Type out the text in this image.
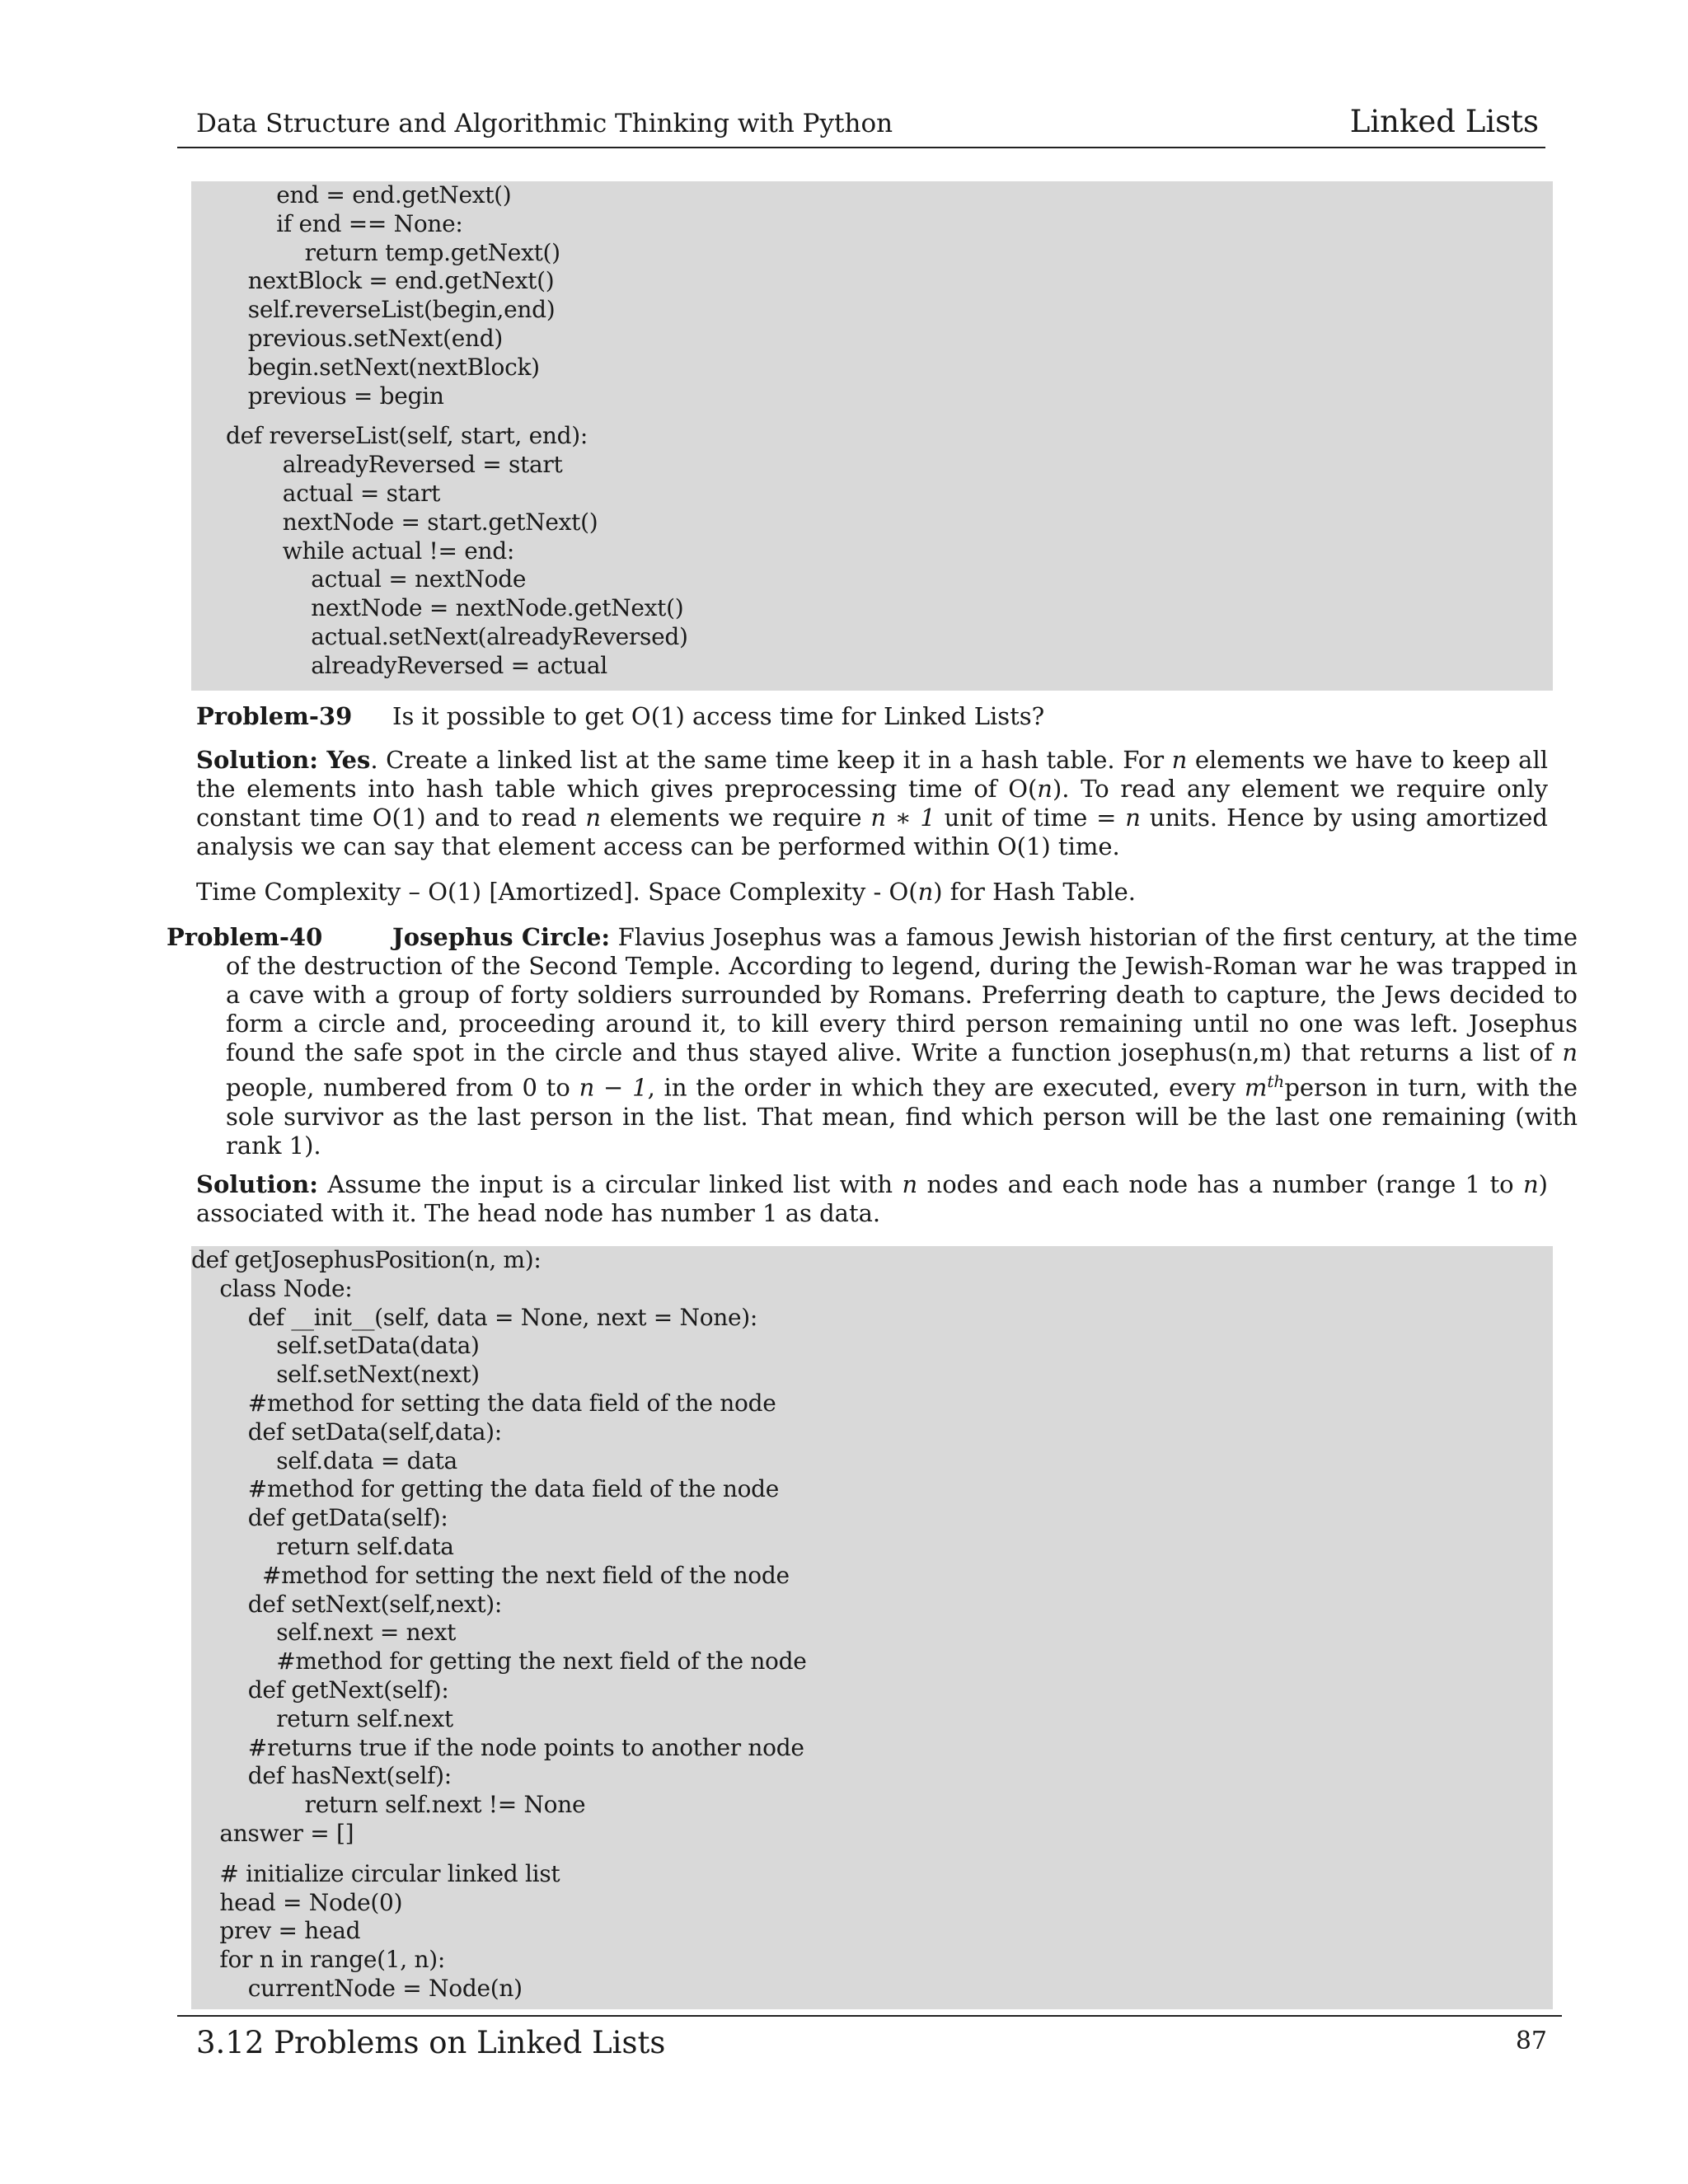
Data Structure and Algorithmic Thinking with Python	Linked Lists
end = end.getNext()
if end == None:
return temp.getNext()
nextBlock = end.getNext()
self.reverseList(begin,end)
previous.setNext(end)
begin.setNext(nextBlock)
previous = begin
def reverseList(self, start, end):
alreadyReversed = start
actual = start
nextNode = start.getNext()
while actual != end:
actual = nextNode
nextNode = nextNode.getNext()
actual.setNext(alreadyReversed)
alreadyReversed = actual
Problem-39 Is it possible to get O(1) access time for Linked Lists?
Solution: Yes. Create a linked list at the same time keep it in a hash table. For n elements we have to keep all the elements into hash table which gives preprocessing time of O(n). To read any element we require only constant time O(1) and to read n elements we require n ∗ 1 unit of time = n units. Hence by using amortized analysis we can say that element access can be performed within O(1) time.
Time Complexity – O(1) [Amortized]. Space Complexity - O(n) for Hash Table.
Problem-40	Josephus Circle: Flavius Josephus was a famous Jewish historian of the first century, at the time of the destruction of the Second Temple. According to legend, during the Jewish-Roman war he was trapped in a cave with a group of forty soldiers surrounded by Romans. Preferring death to capture, the Jews decided to form a circle and, proceeding around it, to kill every third person remaining until no one was left. Josephus found the safe spot in the circle and thus stayed alive. Write a function josephus(n,m) that returns a list of n people, numbered from 0 to n − 1, in the order in which they are executed, every $m^{th}person$ in turn, with the sole survivor as the last person in the list. That mean, find which person will be the last one remaining (with rank 1).
Solution: Assume the input is a circular linked list with n nodes and each node has a number (range 1 to n) associated with it. The head node has number 1 as data.
def getJosephusPosition(n, m):
class Node:
def __init__(self, data = None, next = None):
self.setData(data)
self.setNext(next)
#method for setting the data field of the node
def setData(self,data):
self.data = data
#method for getting the data field of the node
def getData(self):
return self.data
#method for setting the next field of the node
def setNext(self,next):
self.next = next
#method for getting the next field of the node
def getNext(self):
return self.next
#returns true if the node points to another node
def hasNext(self):
return self.next != None
answer = []
# initialize circular linked list
head = Node(0)
prev = head
for n in range(1, n):
currentNode = Node(n)
3.12 Problems on Linked Lists	87
